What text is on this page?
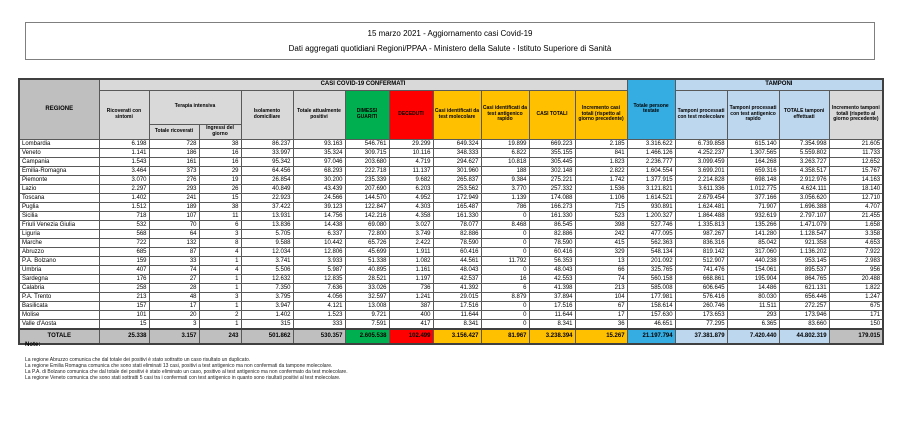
15 marzo 2021 - Aggiornamento casi Covid-19
Dati aggregati quotidiani Regioni/PPAA - Ministero della Salute - Istituto Superiore di Sanità
REGIONE	CASI COVID-19 CONFERMATI											Totale persone testate	TAMPONI			
	Ricoverati con sintomi	Terapia intensiva		Isolamento domiciliare	Totale attualmente positivi	DIMESSI GUARITI	DECEDUTI	Casi identificati da test molecolare	Casi identificati da test antigenico rapido	CASI TOTALI	Incremento casi totali (rispetto al giorno precedente)		Tamponi processati con test molecolare	Tamponi processati con test antigenico rapido	TOTALE tamponi effettuati	Incremento tamponi totali (rispetto al giorno precedente)
		Totale ricoverati	Ingressi del giorno													
Lombardia	6.198	728	38	86.237	93.163	546.761	29.299	649.324	19.899	669.223	2.185	3.316.622	6.739.858	615.140	7.354.998	21.605
Veneto	1.141	186	16	33.997	35.324	309.715	10.116	348.333	6.822	355.155	841	1.466.126	4.252.237	1.307.565	5.559.802	11.733
Campania	1.543	161	16	95.342	97.046	203.680	4.719	294.627	10.818	305.445	1.823	2.236.777	3.099.459	164.268	3.263.727	12.652
Emilia-Romagna	3.464	373	29	64.456	68.293	222.718	11.137	301.960	188	302.148	2.822	1.604.554	3.699.201	659.316	4.358.517	15.767
Piemonte	3.070	276	19	26.854	30.200	235.339	9.682	265.837	9.384	275.221	1.742	1.377.915	2.214.828	698.148	2.912.976	14.163
Lazio	2.297	293	26	40.849	43.439	207.690	6.203	253.562	3.770	257.332	1.536	3.121.821	3.611.336	1.012.775	4.624.111	18.140
Toscana	1.402	241	15	22.923	24.566	144.570	4.952	172.949	1.139	174.088	1.106	1.614.521	2.679.454	377.166	3.056.620	12.710
Puglia	1.512	189	38	37.422	39.123	122.847	4.303	165.487	786	166.273	715	930.891	1.624.481	71.907	1.696.388	4.707
Sicilia	718	107	11	13.931	14.756	142.216	4.358	161.330	0	161.330	523	1.200.327	1.864.488	932.619	2.797.107	21.455
Friuli Venezia Giulia	532	70	6	13.836	14.438	69.080	3.027	78.077	8.468	86.545	398	527.746	1.335.813	135.266	1.471.079	1.658
Liguria	568	64	3	5.705	6.337	72.800	3.749	82.886	0	82.886	242	477.095	987.267	141.280	1.128.547	3.358
Marche	722	132	8	9.588	10.442	65.726	2.422	78.590	0	78.590	415	562.363	836.316	85.042	921.358	4.653
Abruzzo	685	87	4	12.034	12.806	45.699	1.911	60.416	0	60.416	329	548.134	819.142	317.060	1.136.202	7.922
P.A. Bolzano	159	33	1	3.741	3.933	51.338	1.082	44.561	11.792	56.353	13	201.092	512.907	440.238	953.145	2.983
Umbria	407	74	4	5.506	5.987	40.895	1.161	48.043	0	48.043	66	325.765	741.476	154.061	895.537	956
Sardegna	176	27	1	12.632	12.835	28.521	1.197	42.537	16	42.553	74	560.158	668.861	195.904	864.765	20.488
Calabria	258	28	1	7.350	7.636	33.026	736	41.392	6	41.398	213	585.008	606.645	14.486	621.131	1.822
P.A. Trento	213	48	3	3.795	4.056	32.597	1.241	29.015	8.879	37.894	104	177.981	576.416	80.030	656.446	1.247
Basilicata	157	17	1	3.947	4.121	13.008	387	17.516	0	17.516	67	158.614	260.746	11.511	272.257	675
Molise	101	20	2	1.402	1.523	9.721	400	11.644	0	11.644	17	157.630	173.653	293	173.946	171
Valle d'Aosta	15	3	1	315	333	7.591	417	8.341	0	8.341	36	46.651	77.295	6.365	83.660	150
TOTALE	25.338	3.157	243	501.862	530.357	2.605.538	102.499	3.156.427	81.967	3.238.394	15.267	21.197.794	37.381.879	7.420.440	44.802.319	179.015
Note:
La regione Abruzzo comunica che dal totale dei positivi è stato sottratto un caso risultato un duplicato.
La regione Emilia Romagna comunica che sono stati eliminati 13 casi, positivi a test antigenico ma non confermati da tampone molecolare.
La P.A. di Bolzano comunica che dal totale dei positivi è stato eliminato un caso, positivo al test antigenico ma non confermato da test molecolare.
La regione Veneto comunica che sono stati sottratti 5 casi tra i confermati con test antigenico in quanto sono risultati positivi al test molecolare.
